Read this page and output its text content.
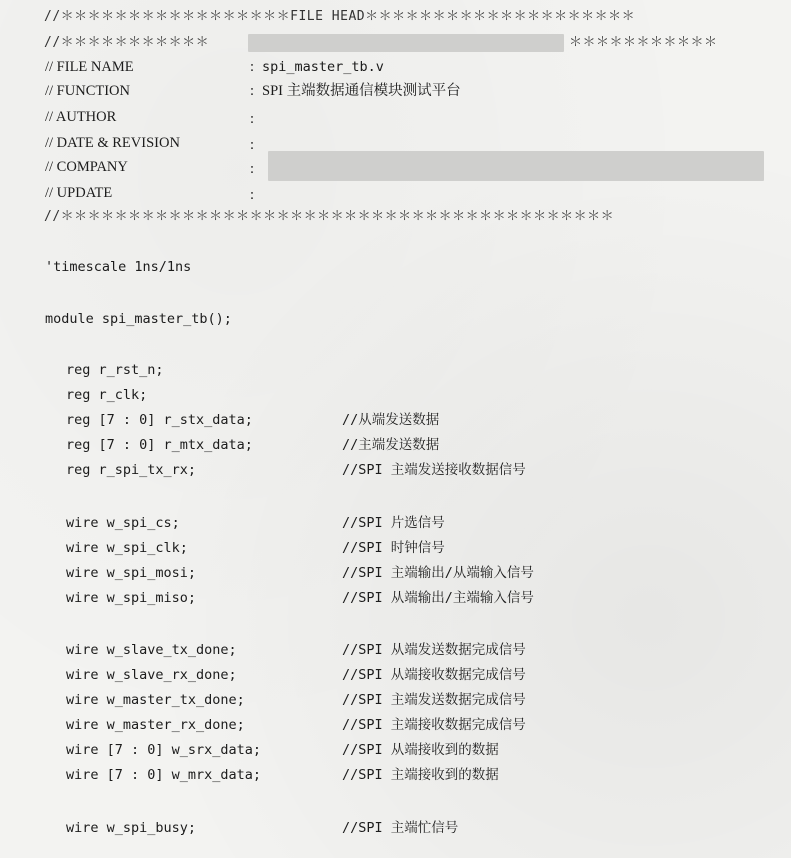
//＊＊＊＊＊＊＊＊＊＊＊＊＊＊＊＊＊FILE HEAD＊＊＊＊＊＊＊＊＊＊＊＊＊＊＊＊＊＊＊＊
//＊＊＊＊＊＊＊＊＊＊＊	＊＊＊＊＊＊＊＊＊＊＊
// FILE NAME	: spi_master_tb.v
// FUNCTION	: SPI 主端数据通信模块测试平台
// AUTHOR	:
// DATE & REVISION	:
// COMPANY	:
// UPDATE	:
//＊＊＊＊＊＊＊＊＊＊＊＊＊＊＊＊＊＊＊＊＊＊＊＊＊＊＊＊＊＊＊＊＊＊＊＊＊＊＊＊＊
'timescale 1ns/1ns
module spi_master_tb();
reg r_rst_n;
reg r_clk;
reg [7 : 0] r_stx_data;	//从端发送数据
reg [7 : 0] r_mtx_data;	//主端发送数据
reg r_spi_tx_rx;	//SPI 主端发送接收数据信号
wire w_spi_cs;	//SPI 片选信号
wire w_spi_clk;	//SPI 时钟信号
wire w_spi_mosi;	//SPI 主端输出/从端输入信号
wire w_spi_miso;	//SPI 从端输出/主端输入信号
wire w_slave_tx_done;	//SPI 从端发送数据完成信号
wire w_slave_rx_done;	//SPI 从端接收数据完成信号
wire w_master_tx_done;	//SPI 主端发送数据完成信号
wire w_master_rx_done;	//SPI 主端接收数据完成信号
wire [7 : 0] w_srx_data;	//SPI 从端接收到的数据
wire [7 : 0] w_mrx_data;	//SPI 主端接收到的数据
wire w_spi_busy;	//SPI 主端忙信号
